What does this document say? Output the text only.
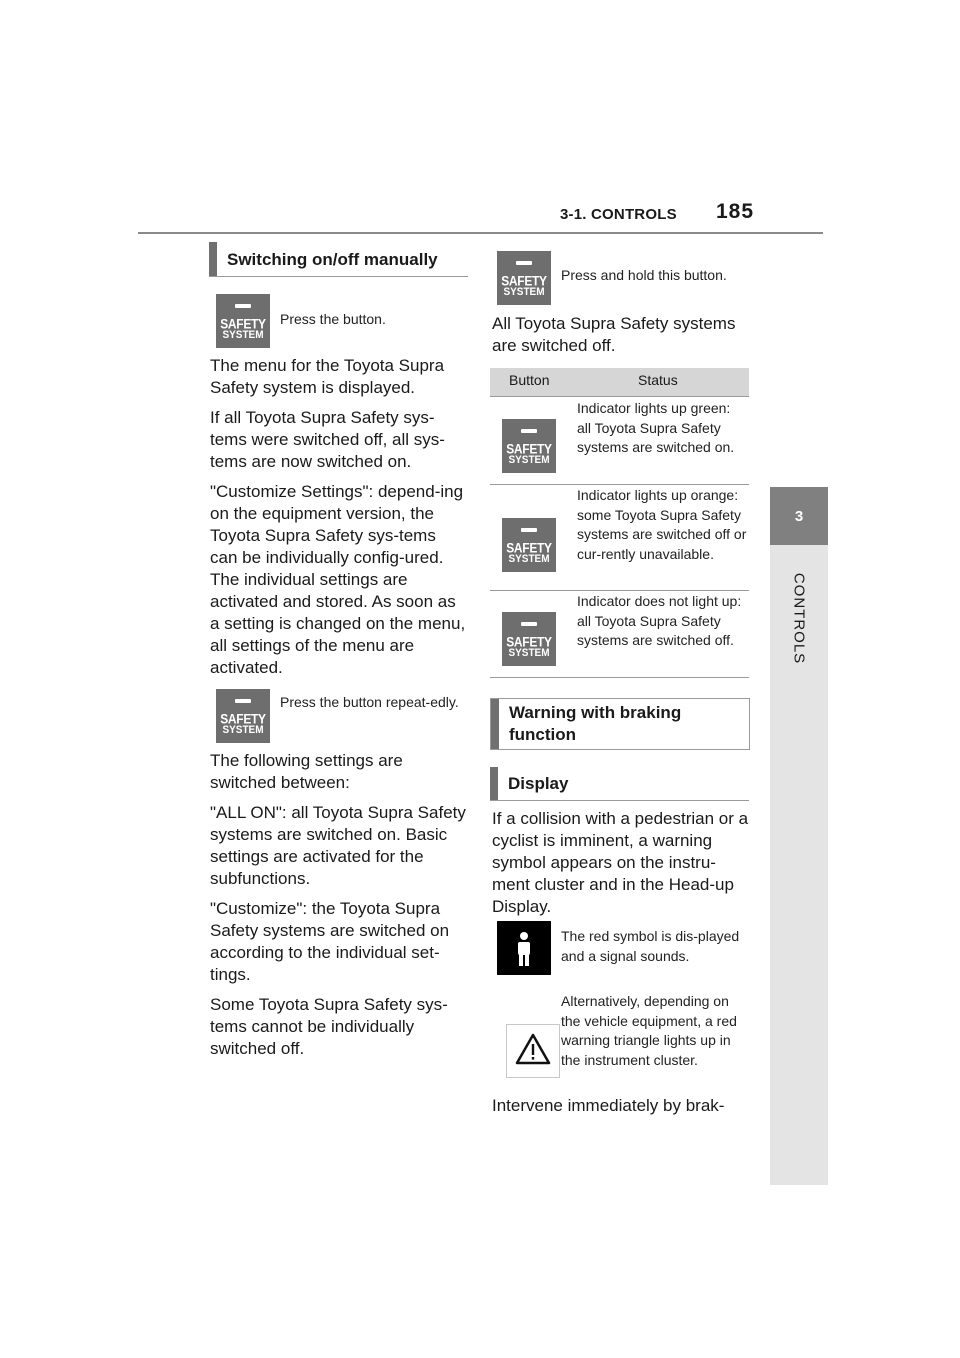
3-1. CONTROLS 185
3
CONTROLS
Switching on/off manually
SAFETY
SYSTEM
Press the button.

The menu for the Toyota Supra Safety system is displayed.

If all Toyota Supra Safety sys-tems were switched off, all sys-tems are now switched on.

"Customize Settings": depend-ing on the equipment version, the Toyota Supra Safety sys-tems can be individually config-ured. The individual settings are activated and stored. As soon as a setting is changed on the menu, all settings of the menu are activated.

SAFETY
SYSTEM
Press the button repeat-edly.

The following settings are switched between:

"ALL ON": all Toyota Supra Safety systems are switched on. Basic settings are activated for the subfunctions.

"Customize": the Toyota Supra Safety systems are switched on according to the individual set-tings.

Some Toyota Supra Safety sys-tems cannot be individually switched off.

SAFETY
SYSTEM
Press and hold this button.
All Toyota Supra Safety systems are switched off.
Button	Status
SAFETY
SYSTEM
Indicator lights up green: all Toyota Supra Safety systems are switched on.
SAFETY
SYSTEM
Indicator lights up orange: some Toyota Supra Safety systems are switched off or cur-rently unavailable.
SAFETY
SYSTEM
Indicator does not light up: all Toyota Supra Safety systems are switched off.
Warning with braking function
Display
If a collision with a pedestrian or a cyclist is imminent, a warning symbol appears on the instru-ment cluster and in the Head-up Display.
The red symbol is dis-played and a signal sounds.
Alternatively, depending on the vehicle equipment, a red warning triangle lights up in the instrument cluster.
Intervene immediately by brak-
